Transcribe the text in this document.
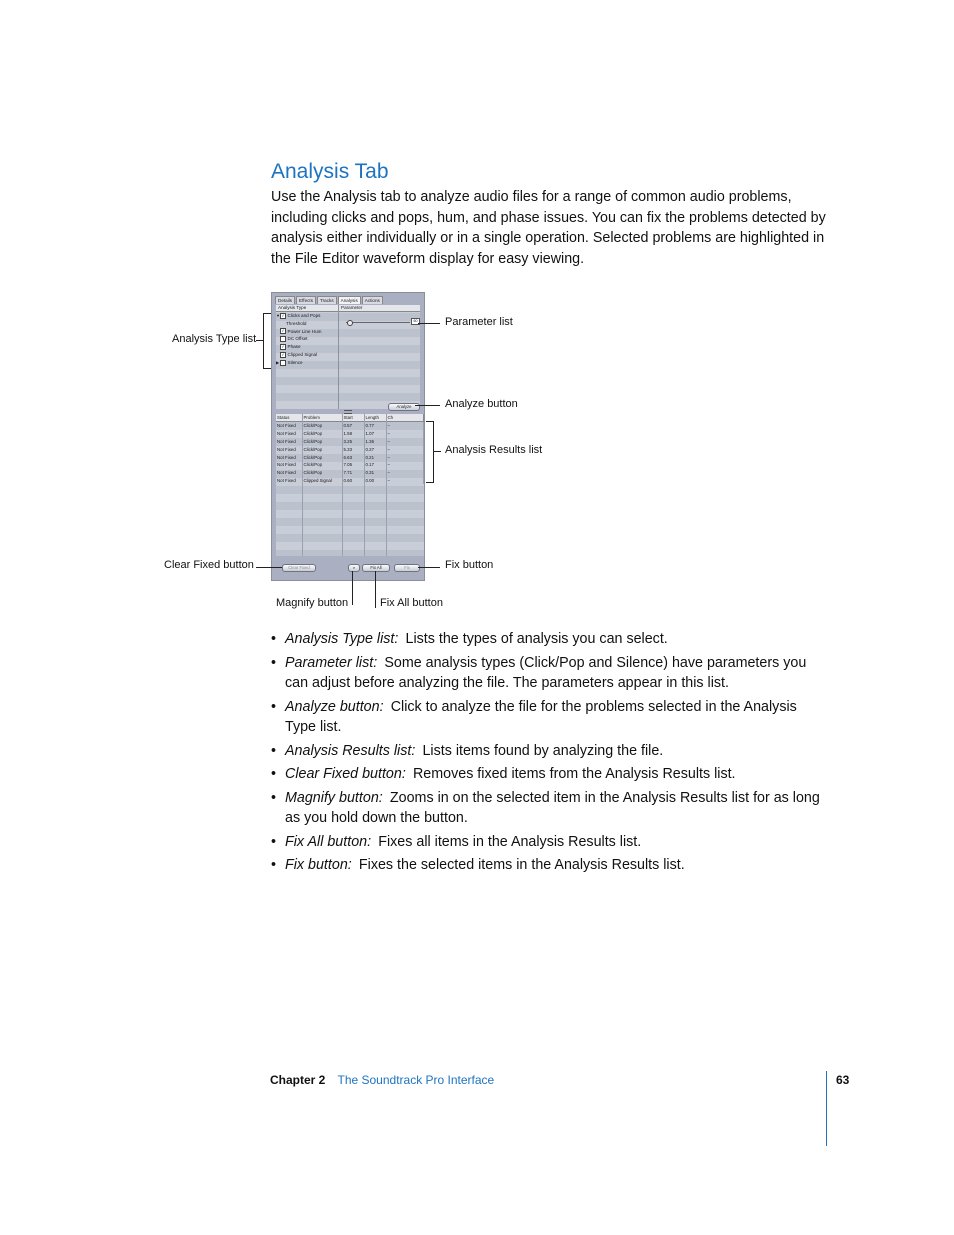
Analysis Tab

Use the Analysis tab to analyze audio files for a range of common audio problems, including clicks and pops, hum, and phase issues. You can fix the problems detected by analysis either individually or in a single operation. Selected problems are highlighted in the File Editor waveform display for easy viewing.

Details	Effects	Tracks	Analysis	Actions
Analysis Type
▼ ✓ Clicks and Pops
Threshold
✓ Power Line Hum
DC Offset
✓ Phase
✓ Clipped Signal
▶ Silence
Parameter
60
Analyze
Status	Problem	Start	Length	Ch
Not Fixed	Click/Pop	0.57	0.77	–
Not Fixed	Click/Pop	1.58	1.07	–
Not Fixed	Click/Pop	3.25	1.36	–
Not Fixed	Click/Pop	5.33	0.27	–
Not Fixed	Click/Pop	6.63	0.21	–
Not Fixed	Click/Pop	7.05	0.17	–
Not Fixed	Click/Pop	7.71	0.31	–
Not Fixed	Clipped Signal	0.60	0.00	–
Clear Fixed	⌕	Fix All	Fix
Analysis Type list
Parameter list
Analyze button
Analysis Results list
Clear Fixed button	Fix button
Magnify button	Fix All button
• Analysis Type list:  Lists the types of analysis you can select.
• Parameter list:  Some analysis types (Click/Pop and Silence) have parameters you can adjust before analyzing the file. The parameters appear in this list.
• Analyze button:  Click to analyze the file for the problems selected in the Analysis Type list.
• Analysis Results list:  Lists items found by analyzing the file.
• Clear Fixed button:  Removes fixed items from the Analysis Results list.
• Magnify button:  Zooms in on the selected item in the Analysis Results list for as long as you hold down the button.
• Fix All button:  Fixes all items in the Analysis Results list.
• Fix button:  Fixes the selected items in the Analysis Results list.
Chapter 2 The Soundtrack Pro Interface	63
